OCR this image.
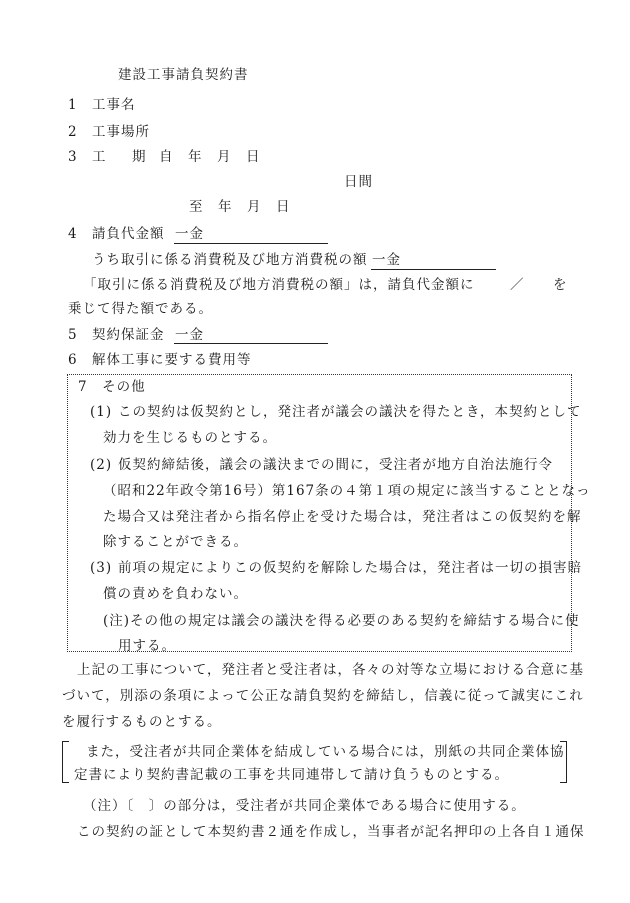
建設工事請負契約書
1 工事名
2 工事場所
3 工 期 自　年　月　日
日間
至　年　月　日
4 請負代金額 一金
うち取引に係る消費税及び地方消費税の額 一金
「取引に係る消費税及び地方消費税の額」は，請負代金額に	／ を
乗じて得た額である。
5 契約保証金 一金
6 解体工事に要する費用等
7　その他
(1) この契約は仮契約とし，発注者が議会の議決を得たとき，本契約として
効力を生じるものとする。
(2) 仮契約締結後，議会の議決までの間に，受注者が地方自治法施行令
（昭和22年政令第16号）第167条の４第１項の規定に該当することとなっ
た場合又は発注者から指名停止を受けた場合は，発注者はこの仮契約を解
除することができる。
(3) 前項の規定によりこの仮契約を解除した場合は，発注者は一切の損害賠
償の責めを負わない。
(注)その他の規定は議会の議決を得る必要のある契約を締結する場合に使
用する。
上記の工事について，発注者と受注者は，各々の対等な立場における合意に基
づいて，別添の条項によって公正な請負契約を締結し，信義に従って誠実にこれ
を履行するものとする。
また，受注者が共同企業体を結成している場合には，別紙の共同企業体協
定書により契約書記載の工事を共同連帯して請け負うものとする。
（注）〔　〕の部分は，受注者が共同企業体である場合に使用する。
この契約の証として本契約書２通を作成し，当事者が記名押印の上各自１通保
